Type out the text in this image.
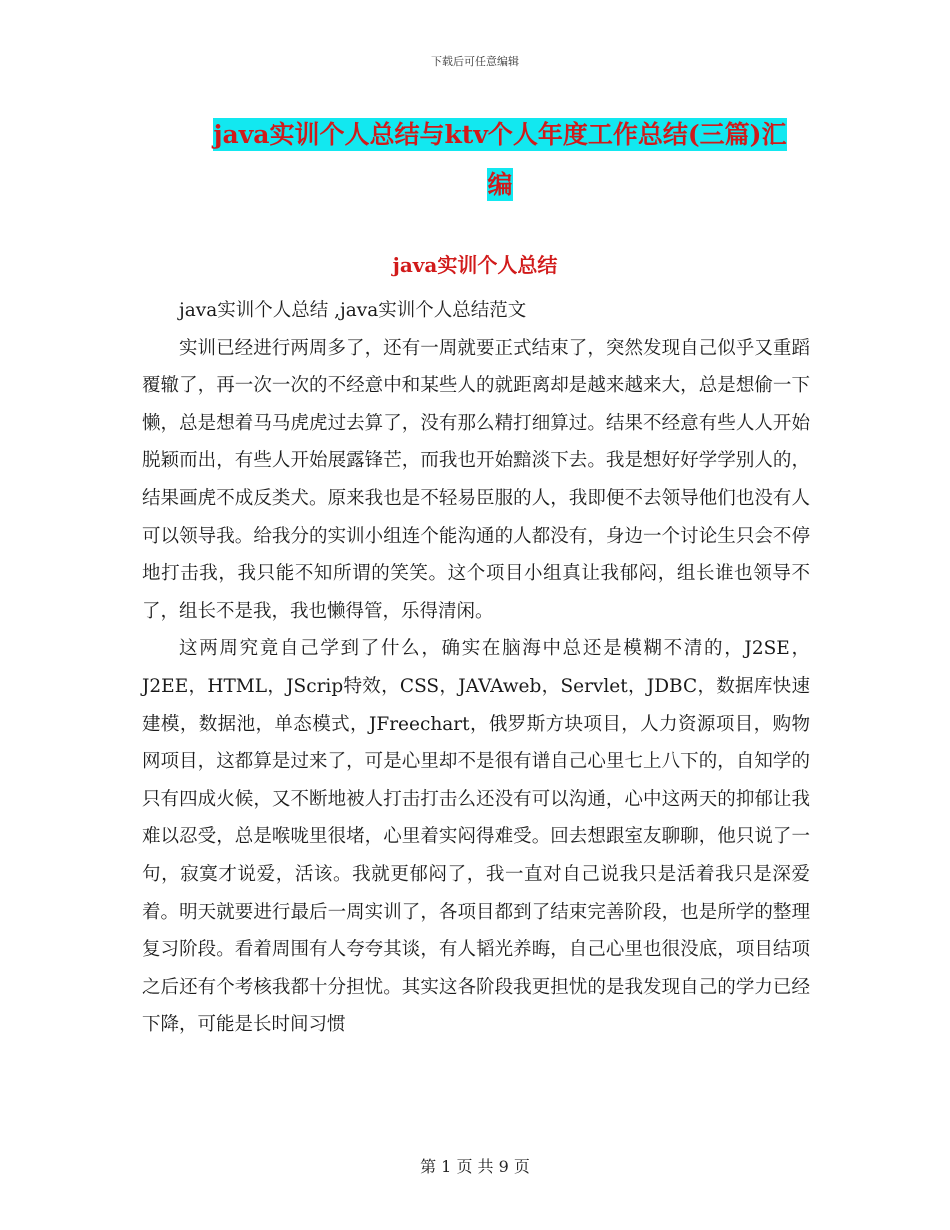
下载后可任意编辑
java实训个人总结与ktv个人年度工作总结(三篇)汇
编
java实训个人总结

java实训个人总结 ,java实训个人总结范文

实训已经进行两周多了，还有一周就要正式结束了，突然发现自己似乎又重蹈覆辙了，再一次一次的不经意中和某些人的就距离却是越来越来大，总是想偷一下懒，总是想着马马虎虎过去算了，没有那么精打细算过。结果不经意有些人人开始脱颖而出，有些人开始展露锋芒，而我也开始黯淡下去。我是想好好学学别人的，结果画虎不成反类犬。原来我也是不轻易臣服的人，我即便不去领导他们也没有人可以领导我。给我分的实训小组连个能沟通的人都没有，身边一个讨论生只会不停地打击我，我只能不知所谓的笑笑。这个项目小组真让我郁闷，组长谁也领导不了，组长不是我，我也懒得管，乐得清闲。

这两周究竟自己学到了什么，确实在脑海中总还是模糊不清的，J2SE，J2EE，HTML，JScrip特效，CSS，JAVAweb，Servlet，JDBC，数据库快速建模，数据池，单态模式，JFreechart，俄罗斯方块项目，人力资源项目，购物网项目，这都算是过来了，可是心里却不是很有谱自己心里七上八下的，自知学的只有四成火候，又不断地被人打击打击么还没有可以沟通，心中这两天的抑郁让我难以忍受，总是喉咙里很堵，心里着实闷得难受。回去想跟室友聊聊，他只说了一句，寂寞才说爱，活该。我就更郁闷了，我一直对自己说我只是活着我只是深爱着。明天就要进行最后一周实训了，各项目都到了结束完善阶段，也是所学的整理复习阶段。看着周围有人夸夸其谈，有人韬光养晦，自己心里也很没底，项目结项之后还有个考核我都十分担忧。其实这各阶段我更担忧的是我发现自己的学力已经下降，可能是长时间习惯

第 1 页 共 9 页
